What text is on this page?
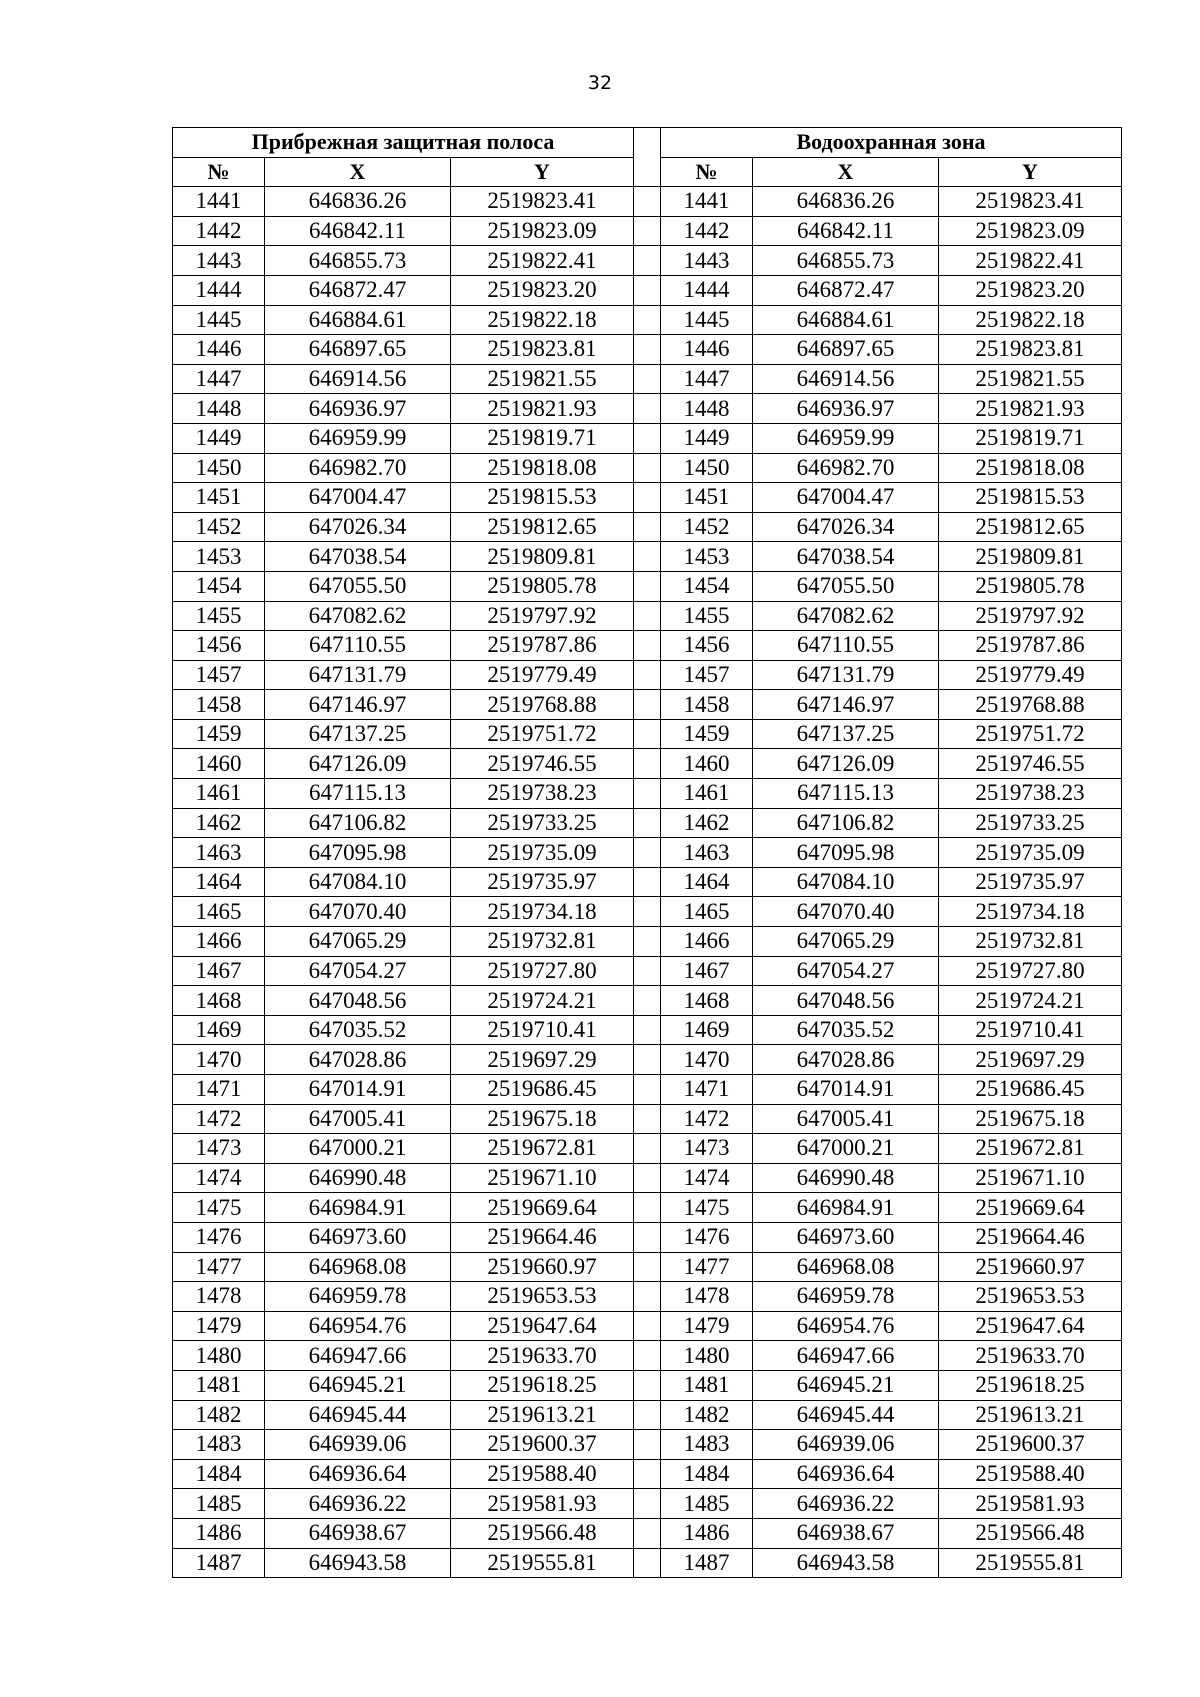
32
Прибрежная защитная полоса				Водоохранная зона		
№	X	Y		№	X	Y
1441	646836.26	2519823.41		1441	646836.26	2519823.41
1442	646842.11	2519823.09		1442	646842.11	2519823.09
1443	646855.73	2519822.41		1443	646855.73	2519822.41
1444	646872.47	2519823.20		1444	646872.47	2519823.20
1445	646884.61	2519822.18		1445	646884.61	2519822.18
1446	646897.65	2519823.81		1446	646897.65	2519823.81
1447	646914.56	2519821.55		1447	646914.56	2519821.55
1448	646936.97	2519821.93		1448	646936.97	2519821.93
1449	646959.99	2519819.71		1449	646959.99	2519819.71
1450	646982.70	2519818.08		1450	646982.70	2519818.08
1451	647004.47	2519815.53		1451	647004.47	2519815.53
1452	647026.34	2519812.65		1452	647026.34	2519812.65
1453	647038.54	2519809.81		1453	647038.54	2519809.81
1454	647055.50	2519805.78		1454	647055.50	2519805.78
1455	647082.62	2519797.92		1455	647082.62	2519797.92
1456	647110.55	2519787.86		1456	647110.55	2519787.86
1457	647131.79	2519779.49		1457	647131.79	2519779.49
1458	647146.97	2519768.88		1458	647146.97	2519768.88
1459	647137.25	2519751.72		1459	647137.25	2519751.72
1460	647126.09	2519746.55		1460	647126.09	2519746.55
1461	647115.13	2519738.23		1461	647115.13	2519738.23
1462	647106.82	2519733.25		1462	647106.82	2519733.25
1463	647095.98	2519735.09		1463	647095.98	2519735.09
1464	647084.10	2519735.97		1464	647084.10	2519735.97
1465	647070.40	2519734.18		1465	647070.40	2519734.18
1466	647065.29	2519732.81		1466	647065.29	2519732.81
1467	647054.27	2519727.80		1467	647054.27	2519727.80
1468	647048.56	2519724.21		1468	647048.56	2519724.21
1469	647035.52	2519710.41		1469	647035.52	2519710.41
1470	647028.86	2519697.29		1470	647028.86	2519697.29
1471	647014.91	2519686.45		1471	647014.91	2519686.45
1472	647005.41	2519675.18		1472	647005.41	2519675.18
1473	647000.21	2519672.81		1473	647000.21	2519672.81
1474	646990.48	2519671.10		1474	646990.48	2519671.10
1475	646984.91	2519669.64		1475	646984.91	2519669.64
1476	646973.60	2519664.46		1476	646973.60	2519664.46
1477	646968.08	2519660.97		1477	646968.08	2519660.97
1478	646959.78	2519653.53		1478	646959.78	2519653.53
1479	646954.76	2519647.64		1479	646954.76	2519647.64
1480	646947.66	2519633.70		1480	646947.66	2519633.70
1481	646945.21	2519618.25		1481	646945.21	2519618.25
1482	646945.44	2519613.21		1482	646945.44	2519613.21
1483	646939.06	2519600.37		1483	646939.06	2519600.37
1484	646936.64	2519588.40		1484	646936.64	2519588.40
1485	646936.22	2519581.93		1485	646936.22	2519581.93
1486	646938.67	2519566.48		1486	646938.67	2519566.48
1487	646943.58	2519555.81		1487	646943.58	2519555.81
